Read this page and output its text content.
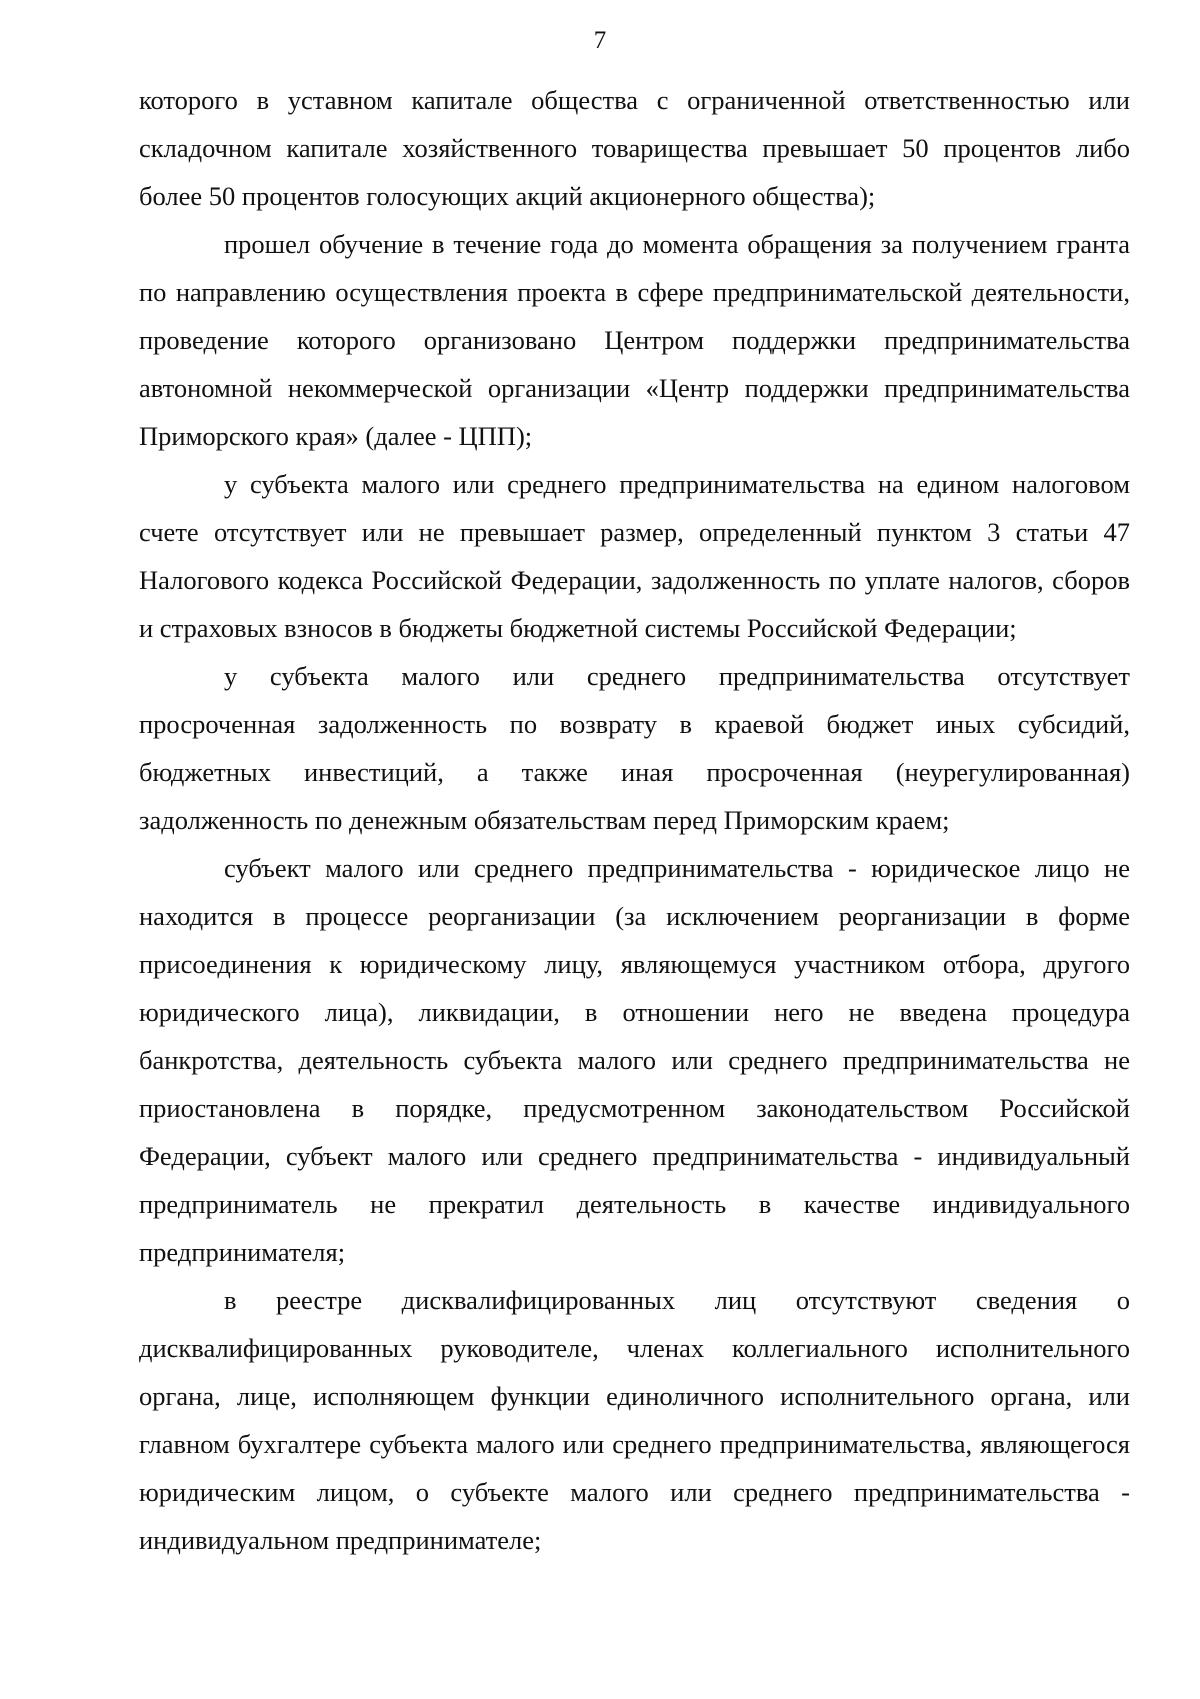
7

которого в уставном капитале общества с ограниченной ответственностью или складочном капитале хозяйственного товарищества превышает 50 процентов либо более 50 процентов голосующих акций акционерного общества);

прошел обучение в течение года до момента обращения за получением гранта по направлению осуществления проекта в сфере предпринимательской деятельности, проведение которого организовано Центром поддержки предпринимательства автономной некоммерческой организации «Центр поддержки предпринимательства Приморского края» (далее - ЦПП);

у субъекта малого или среднего предпринимательства на едином налоговом счете отсутствует или не превышает размер, определенный пунктом 3 статьи 47 Налогового кодекса Российской Федерации, задолженность по уплате налогов, сборов и страховых взносов в бюджеты бюджетной системы Российской Федерации;

у субъекта малого или среднего предпринимательства отсутствует просроченная задолженность по возврату в краевой бюджет иных субсидий, бюджетных инвестиций, а также иная просроченная (неурегулированная) задолженность по денежным обязательствам перед Приморским краем;

субъект малого или среднего предпринимательства - юридическое лицо не находится в процессе реорганизации (за исключением реорганизации в форме присоединения к юридическому лицу, являющемуся участником отбора, другого юридического лица), ликвидации, в отношении него не введена процедура банкротства, деятельность субъекта малого или среднего предпринимательства не приостановлена в порядке, предусмотренном законодательством Российской Федерации, субъект малого или среднего предпринимательства - индивидуальный предприниматель не прекратил деятельность в качестве индивидуального предпринимателя;

в реестре дисквалифицированных лиц отсутствуют сведения о дисквалифицированных руководителе, членах коллегиального исполнительного органа, лице, исполняющем функции единоличного исполнительного органа, или главном бухгалтере субъекта малого или среднего предпринимательства, являющегося юридическим лицом, о субъекте малого или среднего предпринимательства - индивидуальном предпринимателе;
